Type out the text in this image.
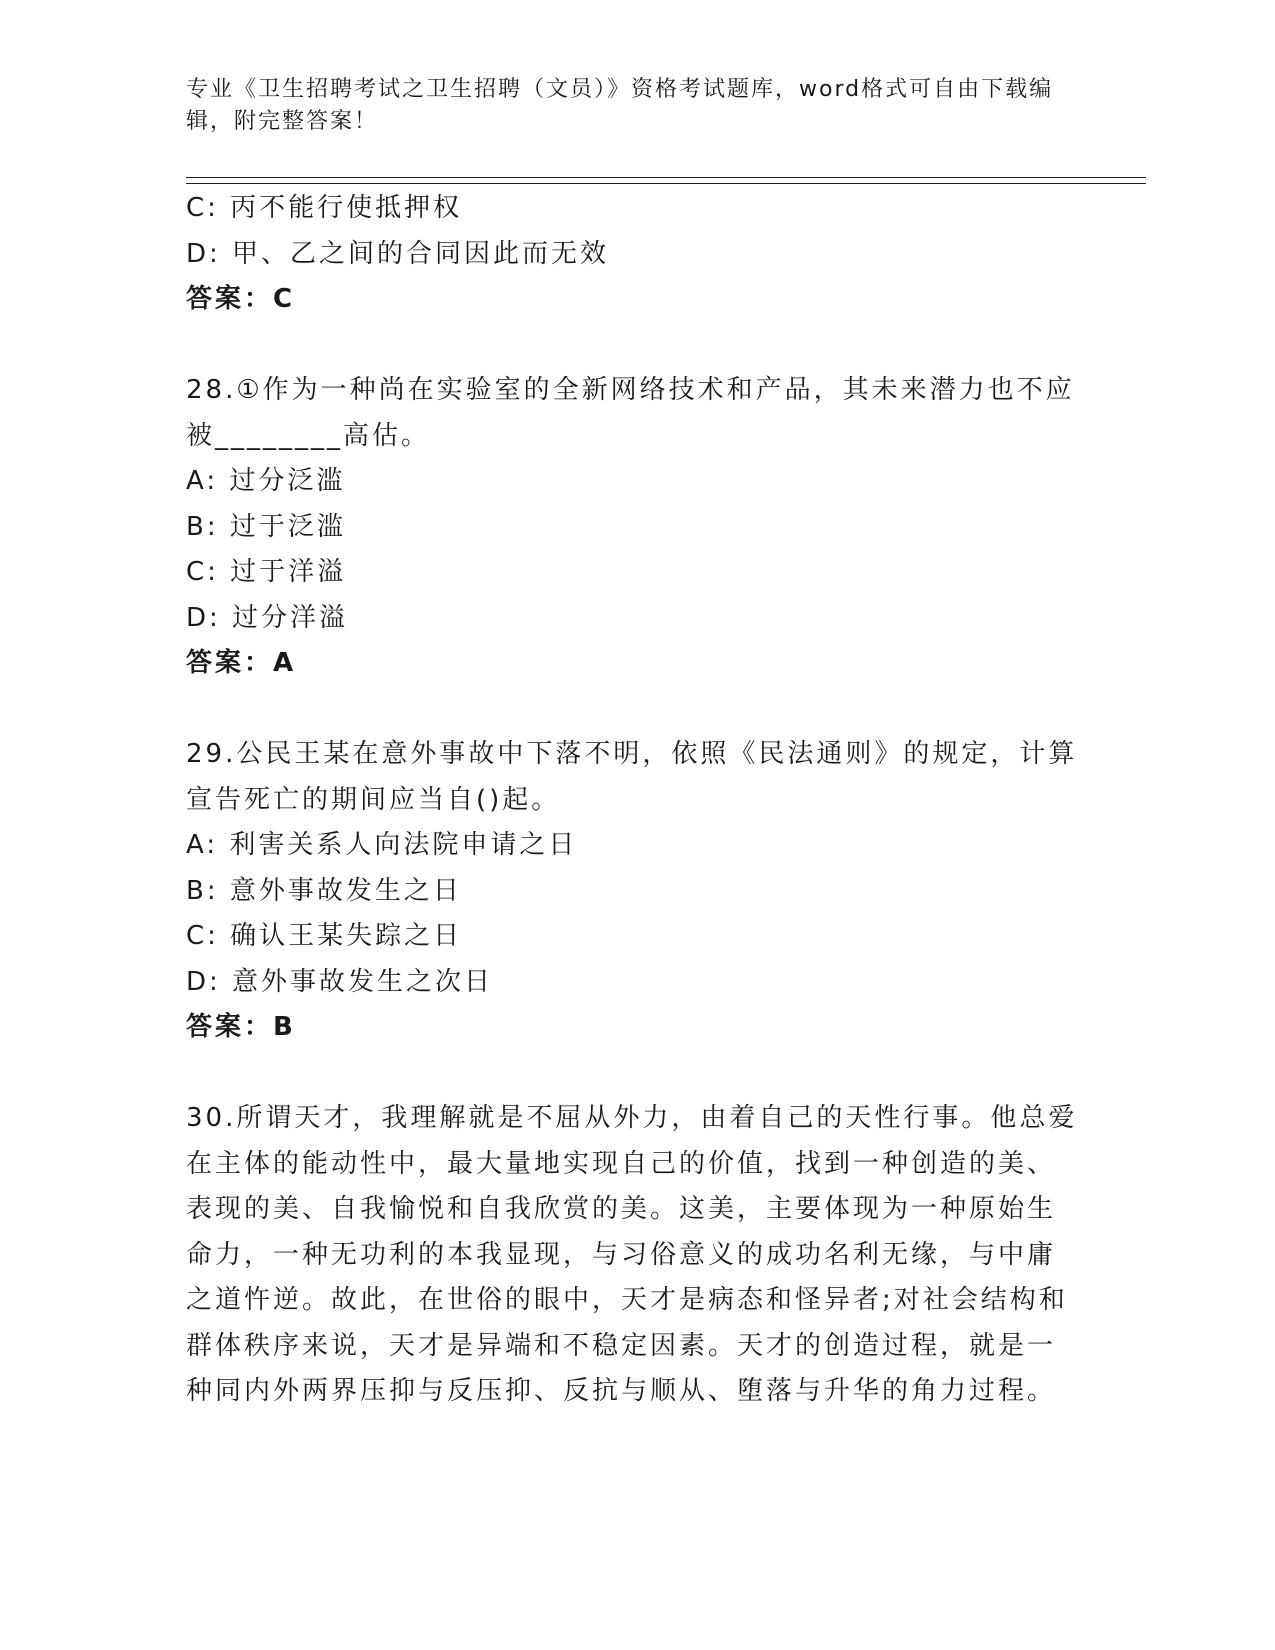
专业《卫生招聘考试之卫生招聘（文员）》资格考试题库，word格式可自由下载编辑，附完整答案！
C: 丙不能行使抵押权
D: 甲、乙之间的合同因此而无效
答案：C
28.①作为一种尚在实验室的全新网络技术和产品，其未来潜力也不应
被________高估。
A: 过分泛滥
B: 过于泛滥
C: 过于洋溢
D: 过分洋溢
答案：A
29.公民王某在意外事故中下落不明，依照《民法通则》的规定，计算
宣告死亡的期间应当自()起。
A: 利害关系人向法院申请之日
B: 意外事故发生之日
C: 确认王某失踪之日
D: 意外事故发生之次日
答案：B
30.所谓天才，我理解就是不屈从外力，由着自己的天性行事。他总爱
在主体的能动性中，最大量地实现自己的价值，找到一种创造的美、
表现的美、自我愉悦和自我欣赏的美。这美，主要体现为一种原始生
命力，一种无功利的本我显现，与习俗意义的成功名利无缘，与中庸
之道忤逆。故此，在世俗的眼中，天才是病态和怪异者;对社会结构和
群体秩序来说，天才是异端和不稳定因素。天才的创造过程，就是一
种同内外两界压抑与反压抑、反抗与顺从、堕落与升华的角力过程。
